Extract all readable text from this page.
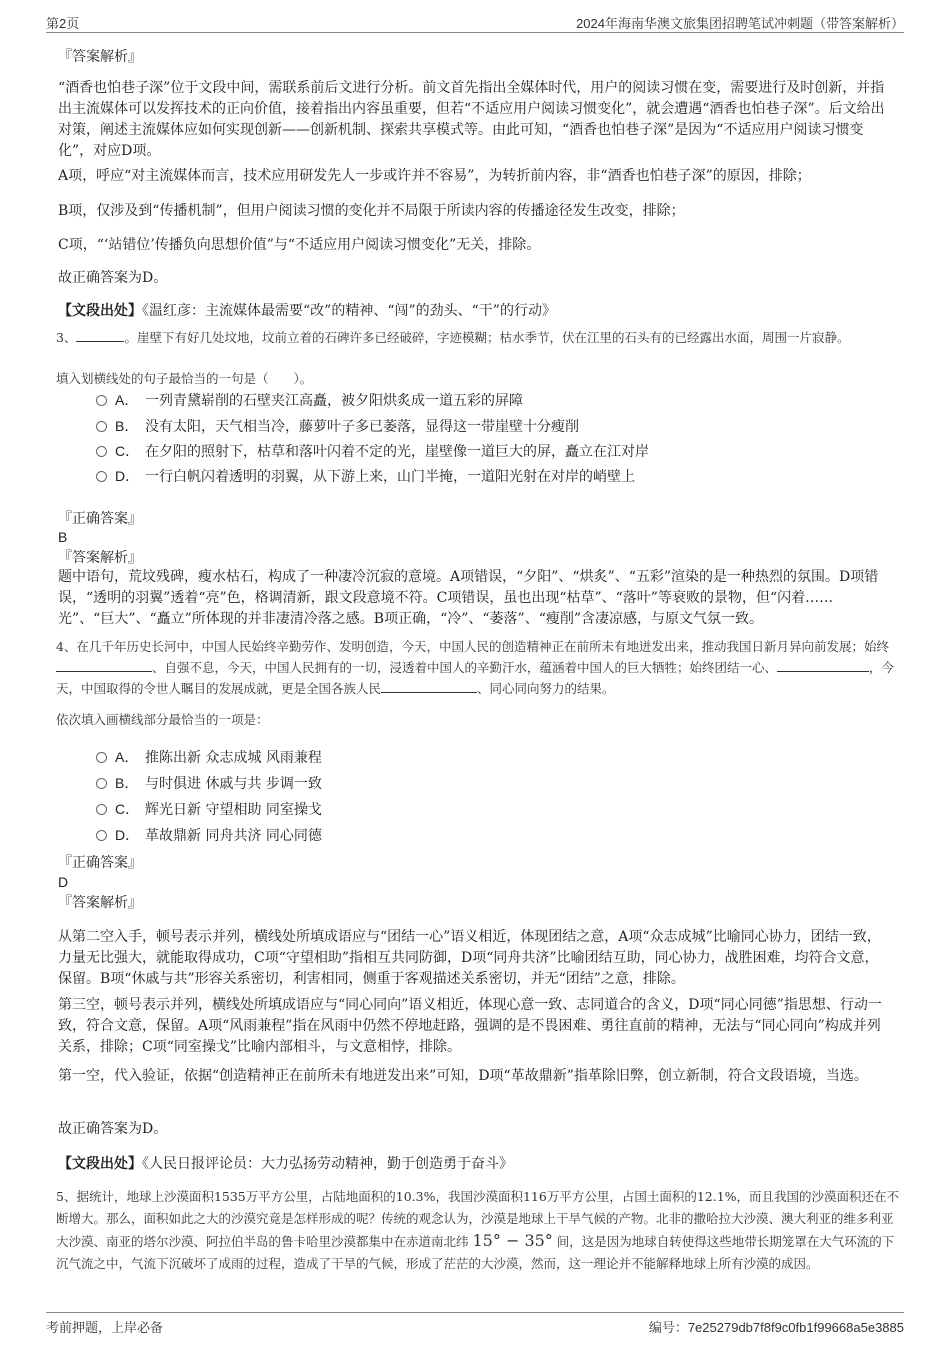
第2页	2024年海南华澳文旅集团招聘笔试冲刺题（带答案解析）

『答案解析』

“酒香也怕巷子深”位于文段中间，需联系前后文进行分析。前文首先指出全媒体时代，用户的阅读习惯在变，需要进行及时创新，并指出主流媒体可以发挥技术的正向价值，接着指出内容虽重要，但若“不适应用户阅读习惯变化”，就会遭遇“酒香也怕巷子深”。后文给出对策，阐述主流媒体应如何实现创新——创新机制、探索共享模式等。由此可知，“酒香也怕巷子深”是因为“不适应用户阅读习惯变化”，对应D项。

A项，呼应“对主流媒体而言，技术应用研发先人一步或许并不容易”，为转折前内容，非“酒香也怕巷子深”的原因，排除；

B项，仅涉及到“传播机制”，但用户阅读习惯的变化并不局限于所读内容的传播途径发生改变，排除；

C项，“‘站错位’传播负向思想价值”与“不适应用户阅读习惯变化”无关，排除。

故正确答案为D。

【文段出处】《温红彦：主流媒体最需要“改”的精神、“闯”的劲头、“干”的行动》

3、	。崖壁下有好几处坟地，坟前立着的石碑许多已经破碎，字迹模糊；枯水季节，伏在江里的石头有的已经露出水面，周围一片寂静。

填入划横线处的句子最恰当的一句是（　　）。

A． 一列青黛崭削的石壁夹江高矗，被夕阳烘炙成一道五彩的屏障
B． 没有太阳，天气相当冷，藤萝叶子多已萎落，显得这一带崖壁十分瘦削
C． 在夕阳的照射下，枯草和落叶闪着不定的光，崖壁像一道巨大的屏，矗立在江对岸
D． 一行白帆闪着透明的羽翼，从下游上来，山门半掩，一道阳光射在对岸的峭壁上

『正确答案』

B

『答案解析』

题中语句，荒坟残碑，瘦水枯石，构成了一种凄冷沉寂的意境。A项错误，“夕阳”、“烘炙”、“五彩”渲染的是一种热烈的氛围。D项错误，“透明的羽翼”透着“亮”色，格调清新，跟文段意境不符。C项错误，虽也出现“枯草”、“落叶”等衰败的景物，但“闪着……光”、“巨大”、“矗立”所体现的并非凄清冷落之感。B项正确，“冷”、“萎落”、“瘦削”含凄凉感，与原文气氛一致。

4、在几千年历史长河中，中国人民始终辛勤劳作、发明创造，今天，中国人民的创造精神正在前所未有地迸发出来，推动我国日新月异向前发展；始终、自强不息，今天，中国人民拥有的一切，浸透着中国人的辛勤汗水，蕴涵着中国人的巨大牺牲；始终团结一心、	，今天，中国取得的令世人瞩目的发展成就，更是全国各族人民	、同心同向努力的结果。

依次填入画横线部分最恰当的一项是：

A． 推陈出新 众志成城 风雨兼程
B． 与时俱进 休戚与共 步调一致
C． 辉光日新 守望相助 同室操戈
D． 革故鼎新 同舟共济 同心同德

『正确答案』

D

『答案解析』

从第二空入手，顿号表示并列，横线处所填成语应与“团结一心”语义相近，体现团结之意，A项“众志成城”比喻同心协力，团结一致，力量无比强大，就能取得成功，C项“守望相助”指相互共同防御，D项“同舟共济”比喻团结互助，同心协力，战胜困难，均符合文意，保留。B项“休戚与共”形容关系密切，利害相同，侧重于客观描述关系密切，并无“团结”之意，排除。

第三空，顿号表示并列，横线处所填成语应与“同心同向”语义相近，体现心意一致、志同道合的含义，D项“同心同德”指思想、行动一致，符合文意，保留。A项“风雨兼程”指在风雨中仍然不停地赶路，强调的是不畏困难、勇往直前的精神，无法与“同心同向”构成并列关系，排除；C项“同室操戈”比喻内部相斗，与文意相悖，排除。

第一空，代入验证，依据“创造精神正在前所未有地迸发出来”可知，D项“革故鼎新”指革除旧弊，创立新制，符合文段语境，当选。

故正确答案为D。

【文段出处】《人民日报评论员：大力弘扬劳动精神，勤于创造勇于奋斗》

5、据统计，地球上沙漠面积1535万平方公里，占陆地面积的10.3%，我国沙漠面积116万平方公里，占国土面积的12.1%，而且我国的沙漠面积还在不断增大。那么，面积如此之大的沙漠究竟是怎样形成的呢？传统的观念认为，沙漠是地球上干旱气候的产物。北非的撒哈拉大沙漠、澳大利亚的维多利亚大沙漠、南亚的塔尔沙漠、阿拉伯半岛的鲁卡哈里沙漠都集中在赤道南北纬 15° − 35° 间，这是因为地球自转使得这些地带长期笼罩在大气环流的下沉气流之中，气流下沉破坏了成雨的过程，造成了干旱的气候，形成了茫茫的大沙漠，然而，这一理论并不能解释地球上所有沙漠的成因。

考前押题，上岸必备	编号：7e25279db7f8f9c0fb1f99668a5e3885
